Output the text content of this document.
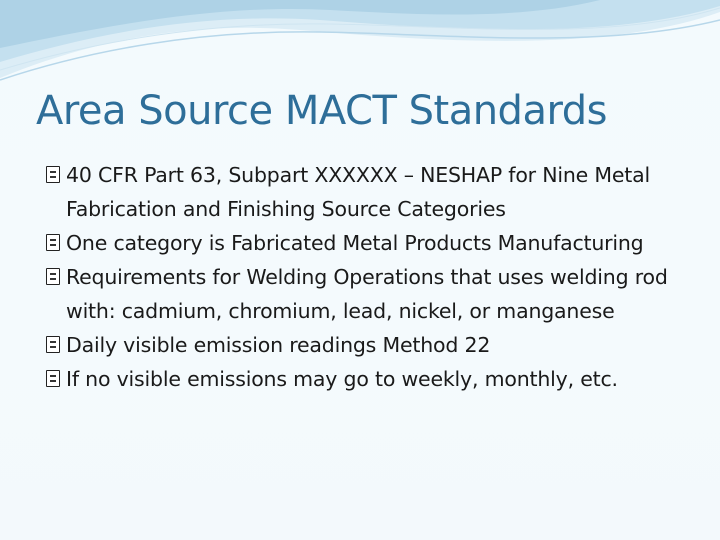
Area Source MACT Standards
40 CFR Part 63, Subpart XXXXXX – NESHAP for Nine Metal Fabrication and Finishing Source Categories
One category is Fabricated Metal Products Manufacturing
Requirements for Welding Operations that uses welding rod with: cadmium, chromium, lead, nickel, or manganese
Daily visible emission readings Method 22
If no visible emissions may go to weekly, monthly, etc.
